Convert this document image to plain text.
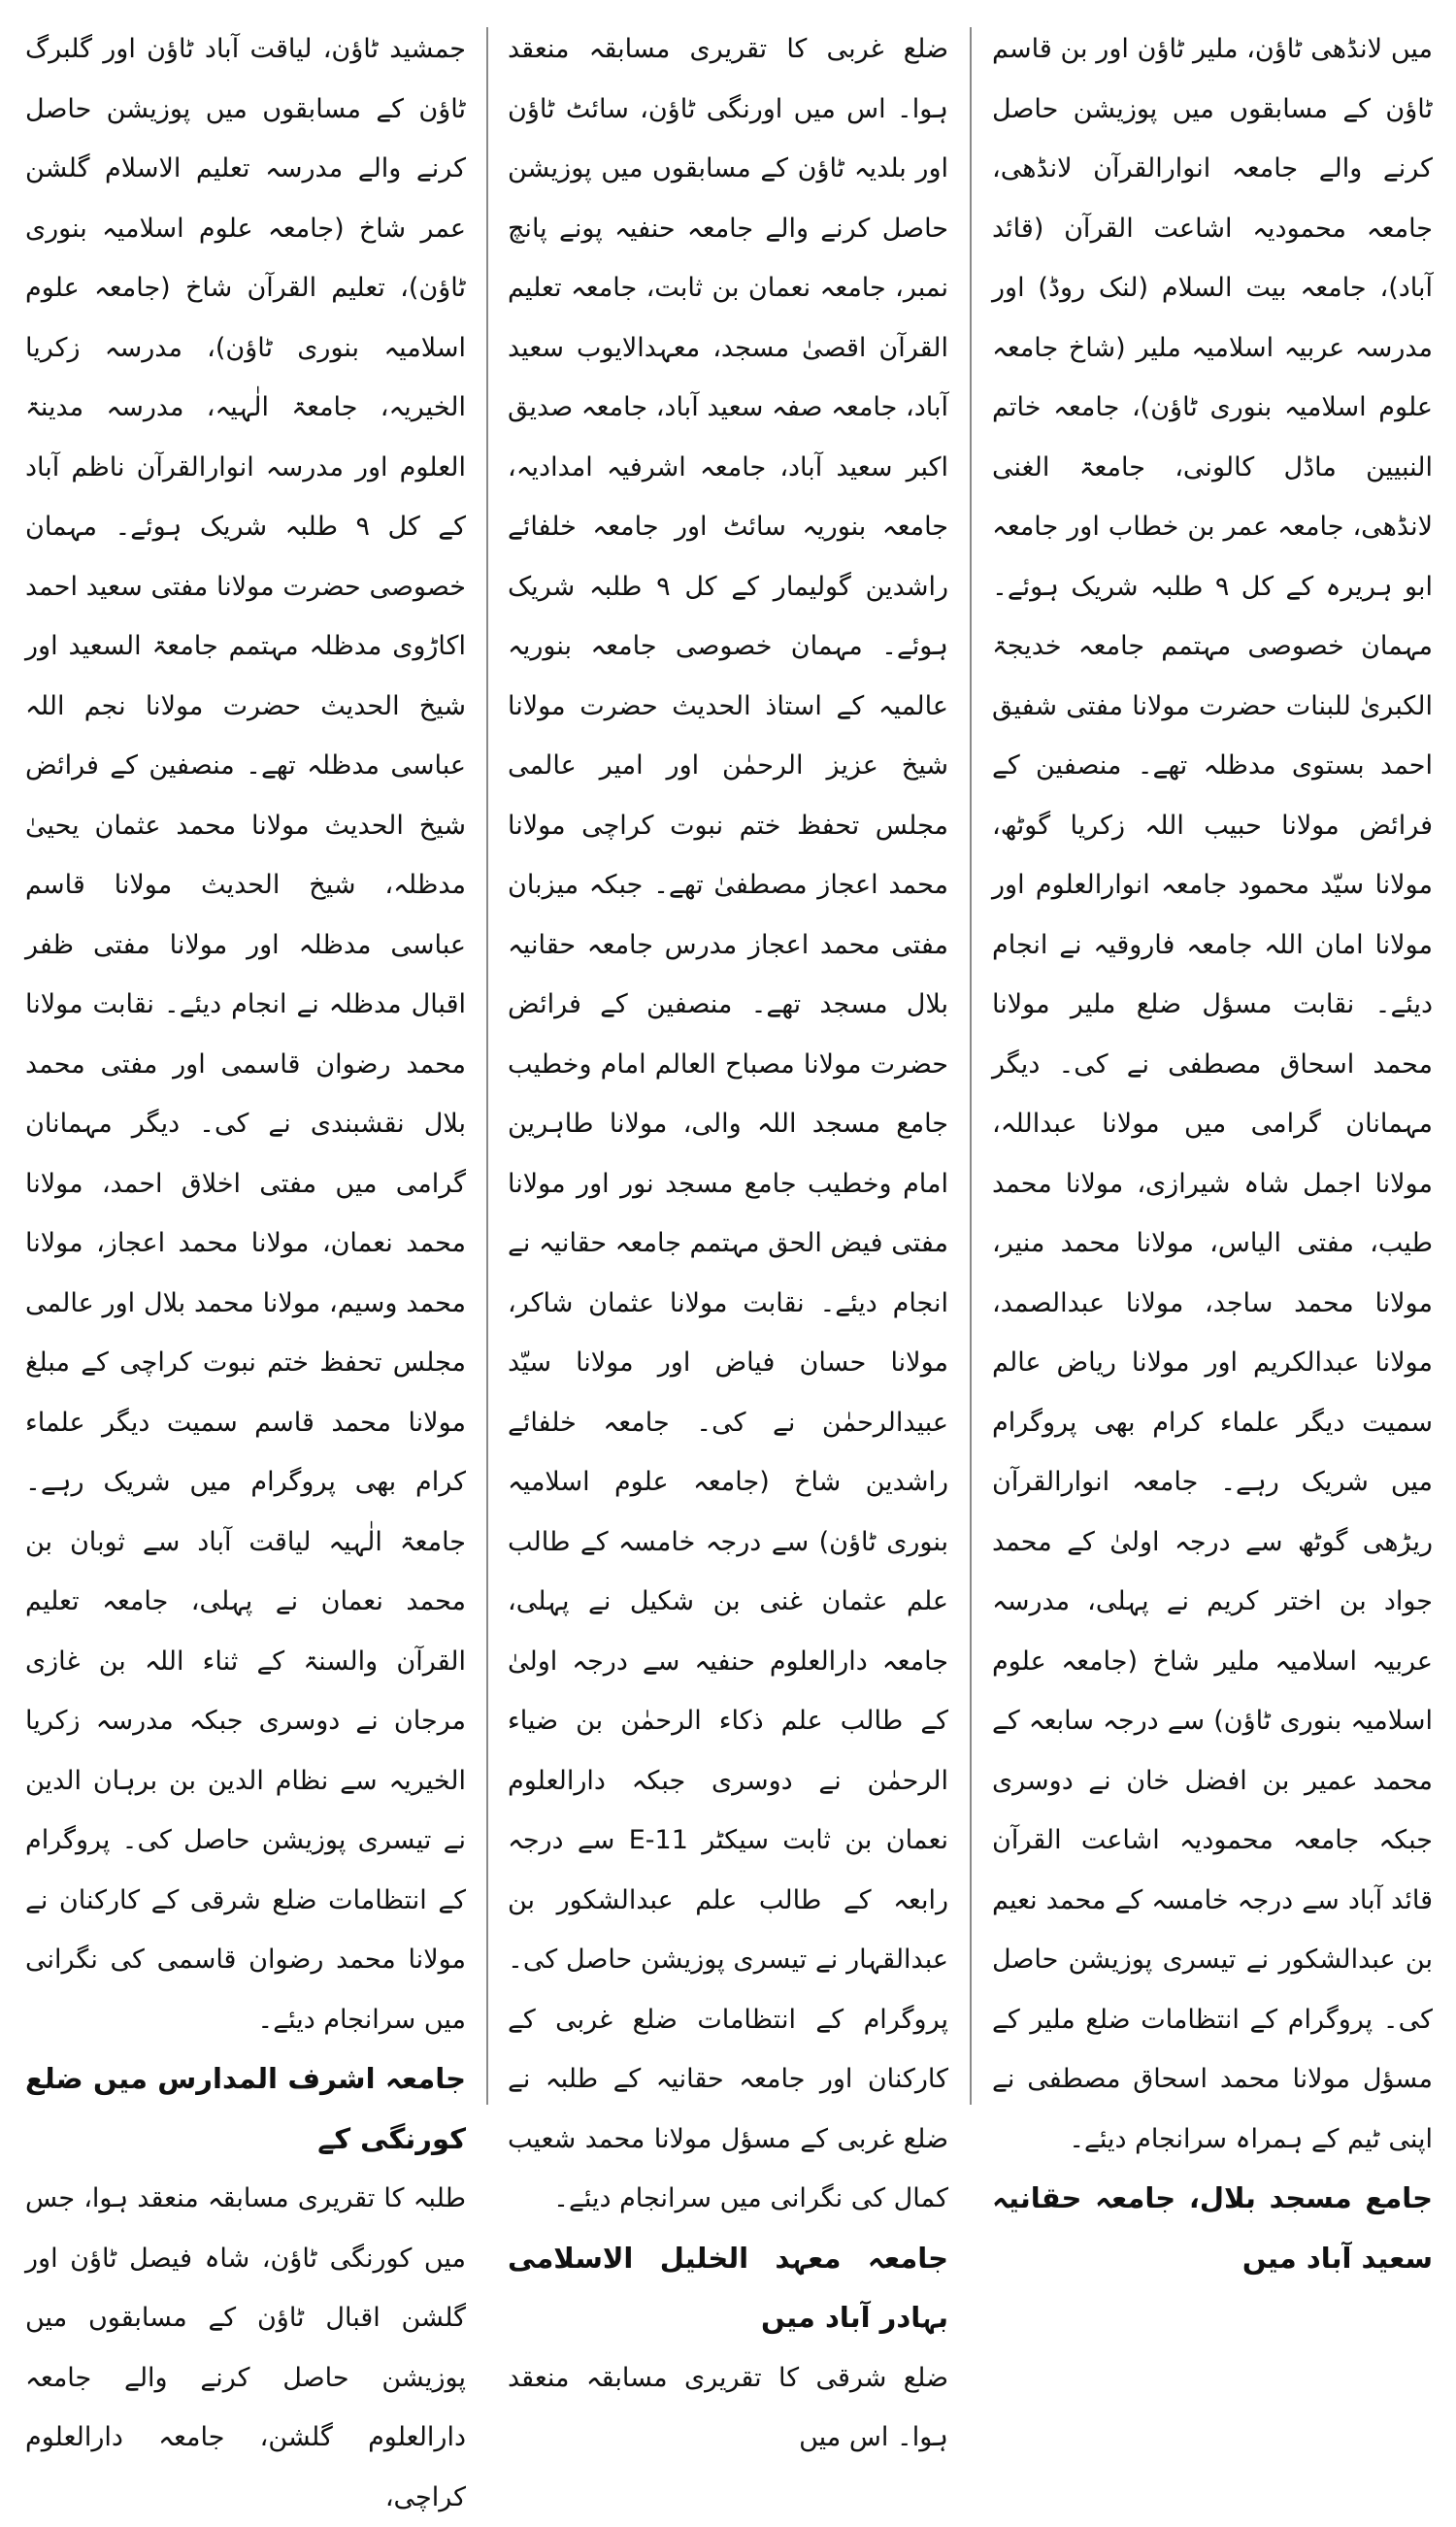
میں لانڈھی ٹاؤن، ملیر ٹاؤن اور بن قاسم ٹاؤن کے مسابقوں میں پوزیشن حاصل کرنے والے جامعہ انوارالقرآن لانڈھی، جامعہ محمودیہ اشاعت القرآن (قائد آباد)، جامعہ بیت السلام (لنک روڈ) اور مدرسہ عربیہ اسلامیہ ملیر (شاخ جامعہ علوم اسلامیہ بنوری ٹاؤن)، جامعہ خاتم النبیین ماڈل کالونی، جامعۃ الغنی لانڈھی، جامعہ عمر بن خطاب اور جامعہ ابو ہریرہ کے کل ۹ طلبہ شریک ہوئے۔ مہمان خصوصی مہتمم جامعہ خدیجۃ الکبریٰ للبنات حضرت مولانا مفتی شفیق احمد بستوی مدظلہ تھے۔ منصفین کے فرائض مولانا حبیب اللہ زکریا گوٹھ، مولانا سیّد محمود جامعہ انوارالعلوم اور مولانا امان اللہ جامعہ فاروقیہ نے انجام دیئے۔ نقابت مسؤل ضلع ملیر مولانا محمد اسحاق مصطفی نے کی۔ دیگر مہمانان گرامی میں مولانا عبداللہ، مولانا اجمل شاہ شیرازی، مولانا محمد طیب، مفتی الیاس، مولانا محمد منیر، مولانا محمد ساجد، مولانا عبدالصمد، مولانا عبدالکریم اور مولانا ریاض عالم سمیت دیگر علماء کرام بھی پروگرام میں شریک رہے۔ جامعہ انوارالقرآن ریڑھی گوٹھ سے درجہ اولیٰ کے محمد جواد بن اختر کریم نے پہلی، مدرسہ عربیہ اسلامیہ ملیر شاخ (جامعہ علوم اسلامیہ بنوری ٹاؤن) سے درجہ سابعہ کے محمد عمیر بن افضل خان نے دوسری جبکہ جامعہ محمودیہ اشاعت القرآن قائد آباد سے درجہ خامسہ کے محمد نعیم بن عبدالشکور نے تیسری پوزیشن حاصل کی۔ پروگرام کے انتظامات ضلع ملیر کے مسؤل مولانا محمد اسحاق مصطفی نے اپنی ٹیم کے ہمراہ سرانجام دیئے۔

جامع مسجد بلال، جامعہ حقانیہ سعید آباد میں

ضلع غربی کا تقریری مسابقہ منعقد ہوا۔ اس میں اورنگی ٹاؤن، سائٹ ٹاؤن اور بلدیہ ٹاؤن کے مسابقوں میں پوزیشن حاصل کرنے والے جامعہ حنفیہ پونے پانچ نمبر، جامعہ نعمان بن ثابت، جامعہ تعلیم القرآن اقصیٰ مسجد، معہدالایوب سعید آباد، جامعہ صفہ سعید آباد، جامعہ صدیق اکبر سعید آباد، جامعہ اشرفیہ امدادیہ، جامعہ بنوریہ سائٹ اور جامعہ خلفائے راشدین گولیمار کے کل ۹ طلبہ شریک ہوئے۔ مہمان خصوصی جامعہ بنوریہ عالمیہ کے استاذ الحدیث حضرت مولانا شیخ عزیز الرحمٰن اور امیر عالمی مجلس تحفظ ختم نبوت کراچی مولانا محمد اعجاز مصطفیٰ تھے۔ جبکہ میزبان مفتی محمد اعجاز مدرس جامعہ حقانیہ بلال مسجد تھے۔ منصفین کے فرائض حضرت مولانا مصباح العالم امام وخطیب جامع مسجد اللہ والی، مولانا طاہرین امام وخطیب جامع مسجد نور اور مولانا مفتی فیض الحق مہتمم جامعہ حقانیہ نے انجام دیئے۔ نقابت مولانا عثمان شاکر، مولانا حسان فیاض اور مولانا سیّد عبیدالرحمٰن نے کی۔ جامعہ خلفائے راشدین شاخ (جامعہ علوم اسلامیہ بنوری ٹاؤن) سے درجہ خامسہ کے طالب علم عثمان غنی بن شکیل نے پہلی، جامعہ دارالعلوم حنفیہ سے درجہ اولیٰ کے طالب علم ذکاء الرحمٰن بن ضیاء الرحمٰن نے دوسری جبکہ دارالعلوم نعمان بن ثابت سیکٹر 11-E سے درجہ رابعہ کے طالب علم عبدالشکور بن عبدالقہار نے تیسری پوزیشن حاصل کی۔ پروگرام کے انتظامات ضلع غربی کے کارکنان اور جامعہ حقانیہ کے طلبہ نے ضلع غربی کے مسؤل مولانا محمد شعیب کمال کی نگرانی میں سرانجام دیئے۔

جامعہ معہد الخلیل الاسلامی بہادر آباد میں

ضلع شرقی کا تقریری مسابقہ منعقد ہوا۔ اس میں

جمشید ٹاؤن، لیاقت آباد ٹاؤن اور گلبرگ ٹاؤن کے مسابقوں میں پوزیشن حاصل کرنے والے مدرسہ تعلیم الاسلام گلشن عمر شاخ (جامعہ علوم اسلامیہ بنوری ٹاؤن)، تعلیم القرآن شاخ (جامعہ علوم اسلامیہ بنوری ٹاؤن)، مدرسہ زکریا الخیریہ، جامعۃ الٰہیہ، مدرسہ مدینۃ العلوم اور مدرسہ انوارالقرآن ناظم آباد کے کل ۹ طلبہ شریک ہوئے۔ مہمان خصوصی حضرت مولانا مفتی سعید احمد اکاڑوی مدظلہ مہتمم جامعۃ السعید اور شیخ الحدیث حضرت مولانا نجم اللہ عباسی مدظلہ تھے۔ منصفین کے فرائض شیخ الحدیث مولانا محمد عثمان یحییٰ مدظلہ، شیخ الحدیث مولانا قاسم عباسی مدظلہ اور مولانا مفتی ظفر اقبال مدظلہ نے انجام دیئے۔ نقابت مولانا محمد رضوان قاسمی اور مفتی محمد بلال نقشبندی نے کی۔ دیگر مہمانان گرامی میں مفتی اخلاق احمد، مولانا محمد نعمان، مولانا محمد اعجاز، مولانا محمد وسیم، مولانا محمد بلال اور عالمی مجلس تحفظ ختم نبوت کراچی کے مبلغ مولانا محمد قاسم سمیت دیگر علماء کرام بھی پروگرام میں شریک رہے۔ جامعۃ الٰہیہ لیاقت آباد سے ثوبان بن محمد نعمان نے پہلی، جامعہ تعلیم القرآن والسنۃ کے ثناء اللہ بن غازی مرجان نے دوسری جبکہ مدرسہ زکریا الخیریہ سے نظام الدین بن برہان الدین نے تیسری پوزیشن حاصل کی۔ پروگرام کے انتظامات ضلع شرقی کے کارکنان نے مولانا محمد رضوان قاسمی کی نگرانی میں سرانجام دیئے۔

جامعہ اشرف المدارس میں ضلع کورنگی کے

طلبہ کا تقریری مسابقہ منعقد ہوا، جس میں کورنگی ٹاؤن، شاہ فیصل ٹاؤن اور گلشن اقبال ٹاؤن کے مسابقوں میں پوزیشن حاصل کرنے والے جامعہ دارالعلوم گلشن، جامعہ دارالعلوم کراچی،
